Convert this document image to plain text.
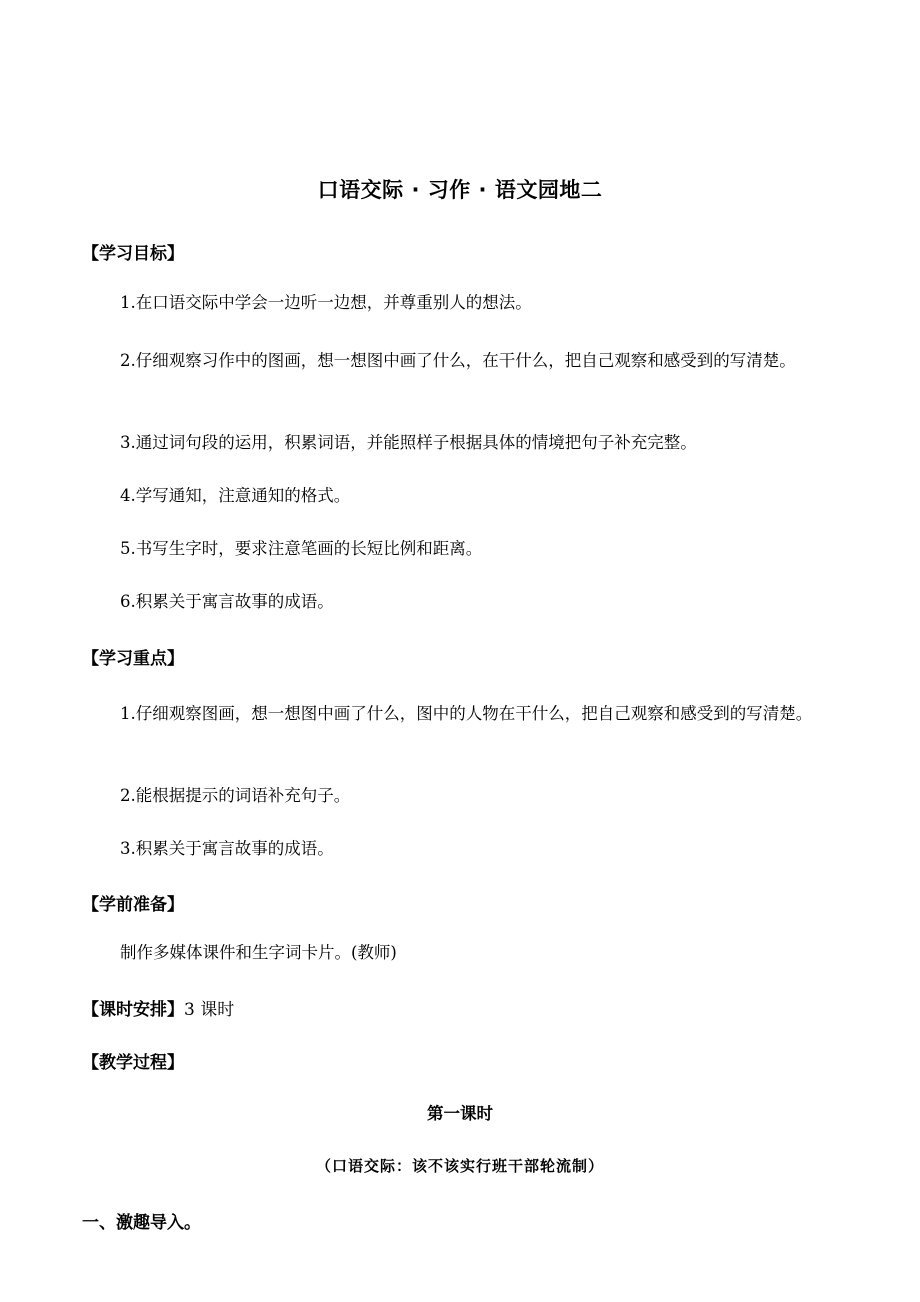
口语交际 · 习作 · 语文园地二
【学习目标】

1.在口语交际中学会一边听一边想，并尊重别人的想法。

2.仔细观察习作中的图画，想一想图中画了什么，在干什么，把自己观察和感受到的写清楚。

3.通过词句段的运用，积累词语，并能照样子根据具体的情境把句子补充完整。

4.学写通知，注意通知的格式。

5.书写生字时，要求注意笔画的长短比例和距离。

6.积累关于寓言故事的成语。

【学习重点】

1.仔细观察图画，想一想图中画了什么，图中的人物在干什么，把自己观察和感受到的写清楚。

2.能根据提示的词语补充句子。

3.积累关于寓言故事的成语。

【学前准备】

制作多媒体课件和生字词卡片。(教师)

【课时安排】3 课时
【教学过程】
第一课时
（口语交际：该不该实行班干部轮流制）
一、激趣导入。
